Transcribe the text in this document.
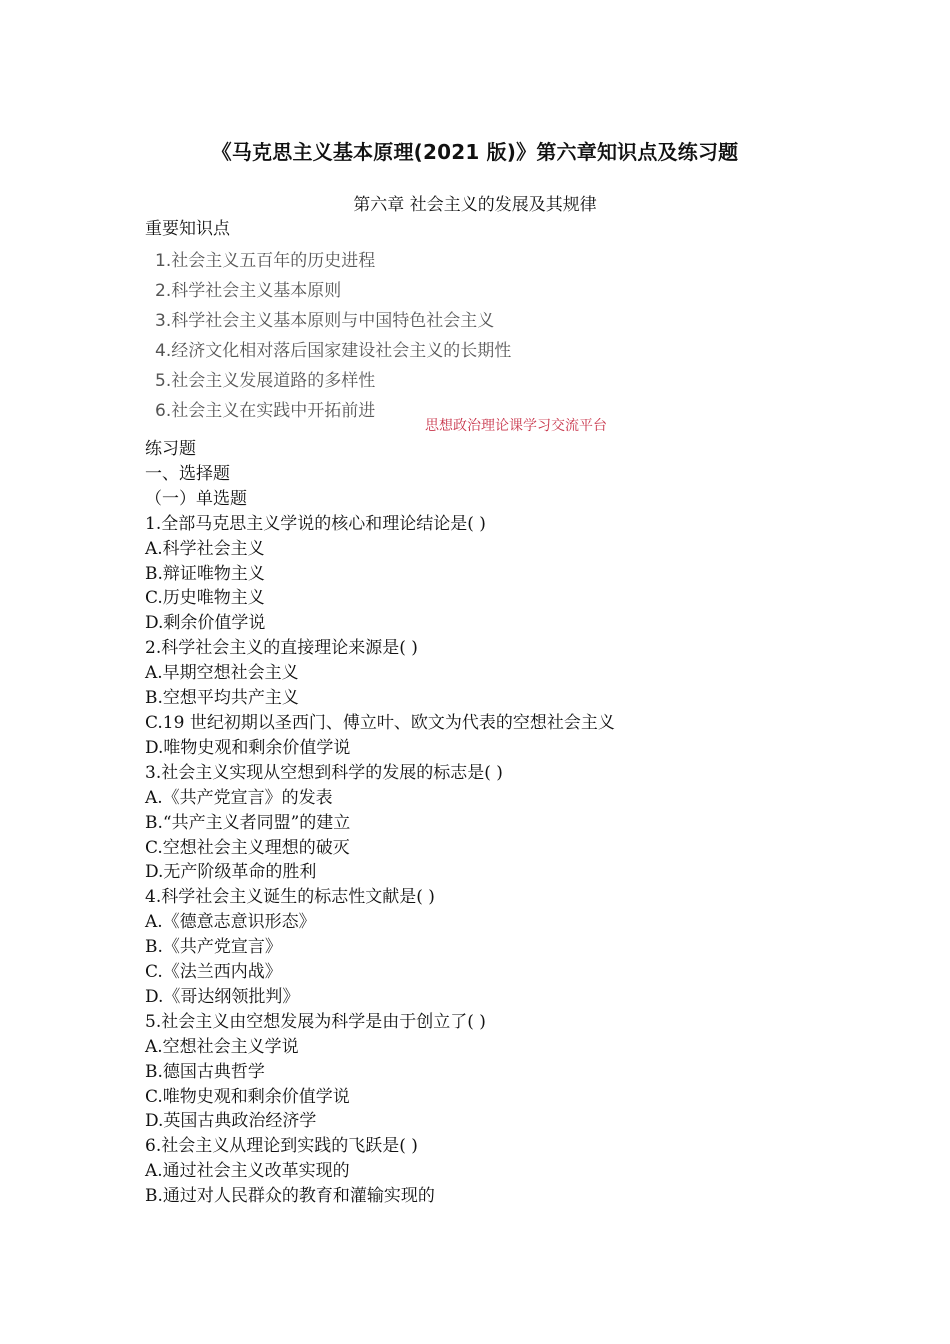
《马克思主义基本原理(2021 版)》第六章知识点及练习题
第六章 社会主义的发展及其规律
重要知识点
1.社会主义五百年的历史进程
2.科学社会主义基本原则
3.科学社会主义基本原则与中国特色社会主义
4.经济文化相对落后国家建设社会主义的长期性
5.社会主义发展道路的多样性
6.社会主义在实践中开拓前进
思想政治理论课学习交流平台
练习题
一、选择题
（一）单选题
1.全部马克思主义学说的核心和理论结论是( )
A.科学社会主义
B.辩证唯物主义
C.历史唯物主义
D.剩余价值学说
2.科学社会主义的直接理论来源是( )
A.早期空想社会主义
B.空想平均共产主义
C.19 世纪初期以圣西门、傅立叶、欧文为代表的空想社会主义
D.唯物史观和剩余价值学说
3.社会主义实现从空想到科学的发展的标志是( )
A.《共产党宣言》的发表
B.“共产主义者同盟”的建立
C.空想社会主义理想的破灭
D.无产阶级革命的胜利
4.科学社会主义诞生的标志性文献是( )
A.《德意志意识形态》
B.《共产党宣言》
C.《法兰西内战》
D.《哥达纲领批判》
5.社会主义由空想发展为科学是由于创立了( )
A.空想社会主义学说
B.德国古典哲学
C.唯物史观和剩余价值学说
D.英国古典政治经济学
6.社会主义从理论到实践的飞跃是( )
A.通过社会主义改革实现的
B.通过对人民群众的教育和灌输实现的
